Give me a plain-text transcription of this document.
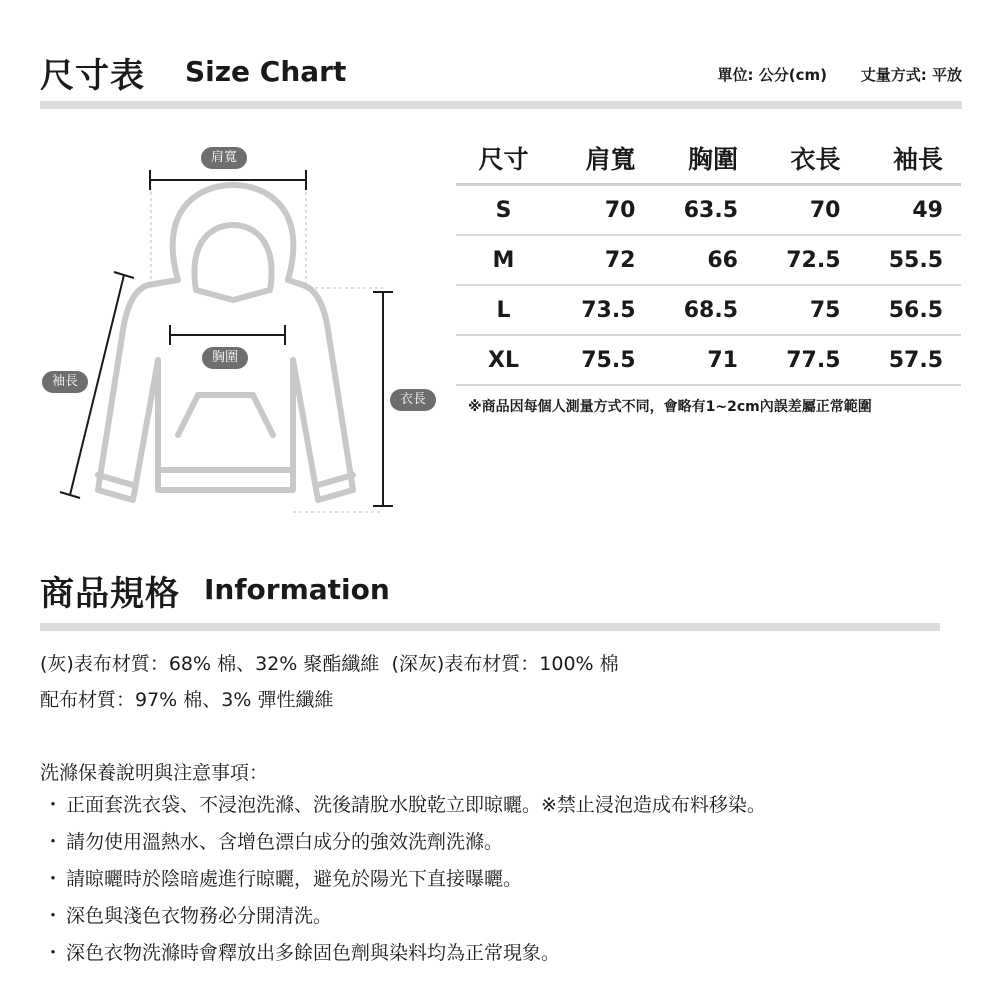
尺寸表 Size Chart	單位: 公分(cm) 丈量方式: 平放
肩寬
胸圍
袖長
衣長
尺寸	肩寬	胸圍	衣長	袖長
S	70	63.5	70	49
M	72	66	72.5	55.5
L	73.5	68.5	75	56.5
XL	75.5	71	77.5	57.5
※商品因每個人測量方式不同，會略有1~2cm內誤差屬正常範圍
商品規格 Information
(灰)表布材質：68% 棉、32% 聚酯纖維  (深灰)表布材質：100% 棉
配布材質：97% 棉、3% 彈性纖維
洗滌保養說明與注意事項：
・ 正面套洗衣袋、不浸泡洗滌、洗後請脫水脫乾立即晾曬。※禁止浸泡造成布料移染。
・ 請勿使用溫熱水、含增色漂白成分的強效洗劑洗滌。
・ 請晾曬時於陰暗處進行晾曬，避免於陽光下直接曝曬。
・ 深色與淺色衣物務必分開清洗。
・ 深色衣物洗滌時會釋放出多餘固色劑與染料均為正常現象。
